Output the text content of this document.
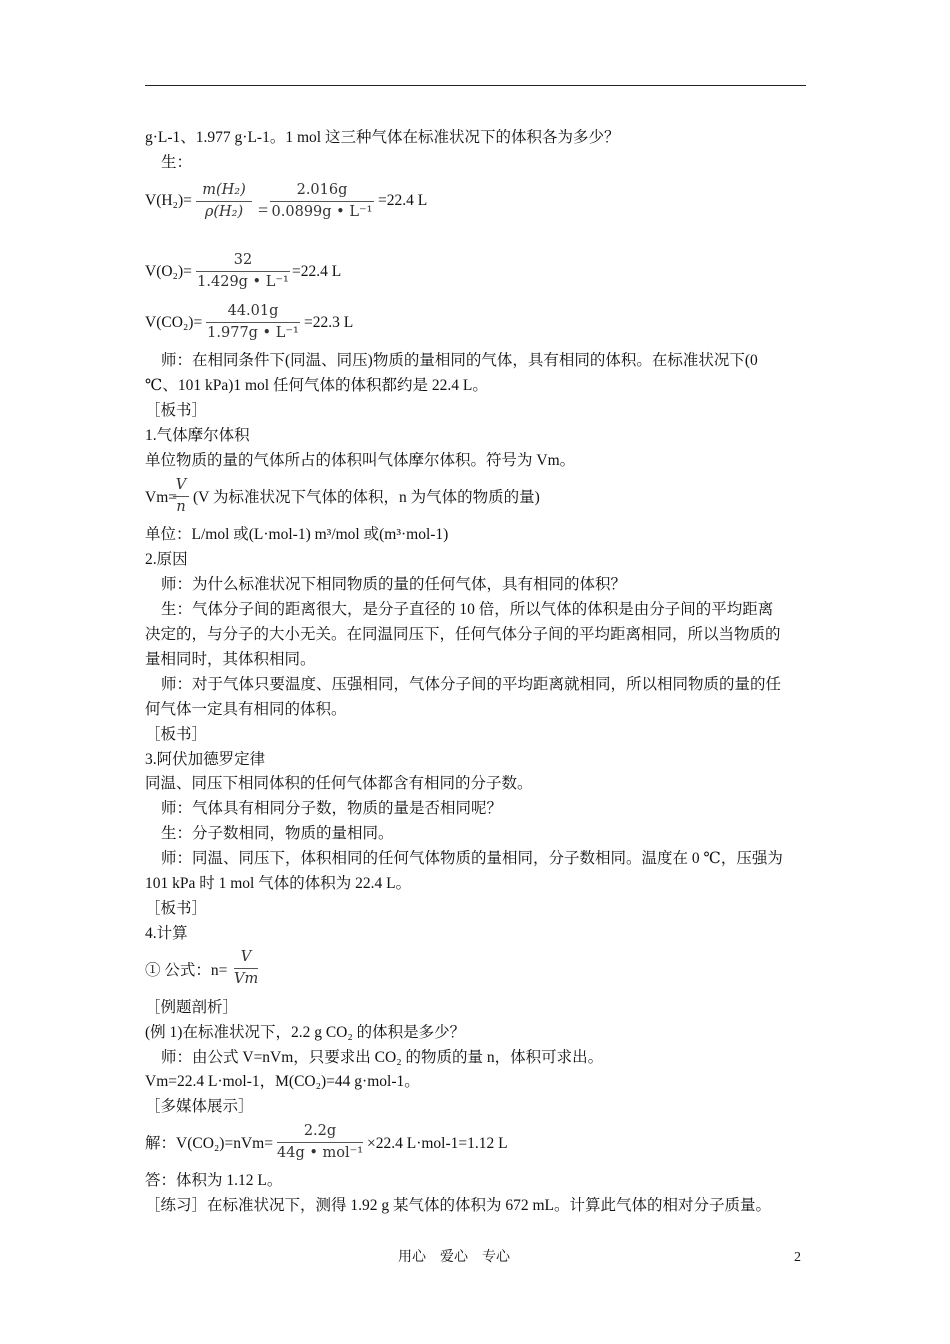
g·L-1、1.977 g·L-1。1 mol 这三种气体在标准状况下的体积各为多少？
生：
V(H₂)=
m(H₂)
ρ(H₂) =
2.016g
0.0899g • L⁻¹
=22.4 L
V(O₂)=
32
1.429g • L⁻¹
=22.4 L
V(CO₂)=
44.01g
1.977g • L⁻¹
=22.3 L
师：在相同条件下(同温、同压)物质的量相同的气体，具有相同的体积。在标准状况下(0
℃、101 kPa)1 mol 任何气体的体积都约是 22.4 L。
［板书］
1.气体摩尔体积
单位物质的量的气体所占的体积叫气体摩尔体积。符号为 Vm。
Vm=
V
n
(V 为标准状况下气体的体积，n 为气体的物质的量)
单位：L/mol 或(L·mol-1) m³/mol 或(m³·mol-1)
2.原因
师：为什么标准状况下相同物质的量的任何气体，具有相同的体积？
生：气体分子间的距离很大，是分子直径的 10 倍，所以气体的体积是由分子间的平均距离
决定的，与分子的大小无关。在同温同压下，任何气体分子间的平均距离相同，所以当物质的
量相同时，其体积相同。
师：对于气体只要温度、压强相同，气体分子间的平均距离就相同，所以相同物质的量的任
何气体一定具有相同的体积。
［板书］
3.阿伏加德罗定律
同温、同压下相同体积的任何气体都含有相同的分子数。
师：气体具有相同分子数，物质的量是否相同呢？
生：分子数相同，物质的量相同。
师：同温、同压下，体积相同的任何气体物质的量相同，分子数相同。温度在 0 ℃，压强为
101 kPa 时 1 mol 气体的体积为 22.4 L。
［板书］
4.计算
① 公式：n=
V
Vm
［例题剖析］
(例 1)在标准状况下，2.2 g CO₂ 的体积是多少？
师：由公式 V=nVm，只要求出 CO₂ 的物质的量 n，体积可求出。
Vm=22.4 L·mol-1，M(CO₂)=44 g·mol-1。
［多媒体展示］
解：V(CO₂)=nVm=
2.2g
44g • mol⁻¹
×22.4 L·mol-1=1.12 L
答：体积为 1.12 L。
［练习］在标准状况下，测得 1.92 g 某气体的体积为 672 mL。计算此气体的相对分子质量。
用心    爱心    专心	2
